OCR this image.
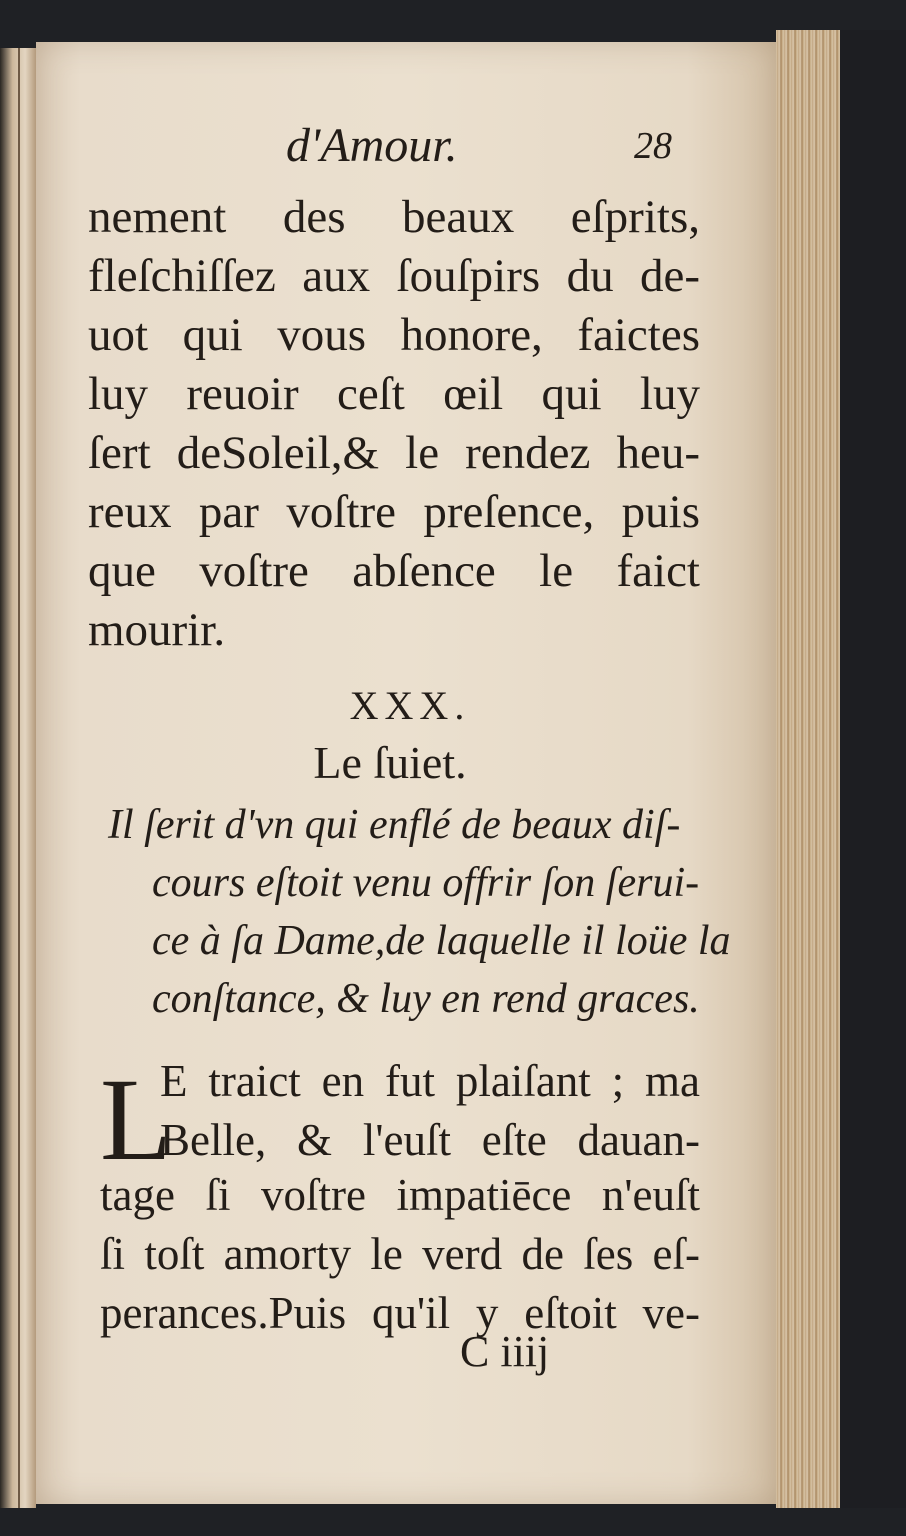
d'Amour.	28
nement des beaux eſprits,
fleſchiſſez aux ſouſpirs du de-
uot qui vous honore, faictes
luy reuoir ceſt œil qui luy
ſert deSoleil,& le rendez heu-
reux par voſtre preſence, puis
que voſtre abſence le faict
mourir.
XXX.
Le ſuiet.
Il ſerit d'vn qui enflé de beaux diſ-
cours eſtoit venu offrir ſon ſerui-
ce à ſa Dame,de laquelle il loüe la
conſtance, & luy en rend graces.
L
E traict en fut plaiſant ; ma
Belle, & l'euſt eſte dauan-
tage ſi voſtre impatiēce n'euſt
ſi toſt amorty le verd de ſes eſ-
perances.Puis qu'il y eſtoit ve-
C iiij
